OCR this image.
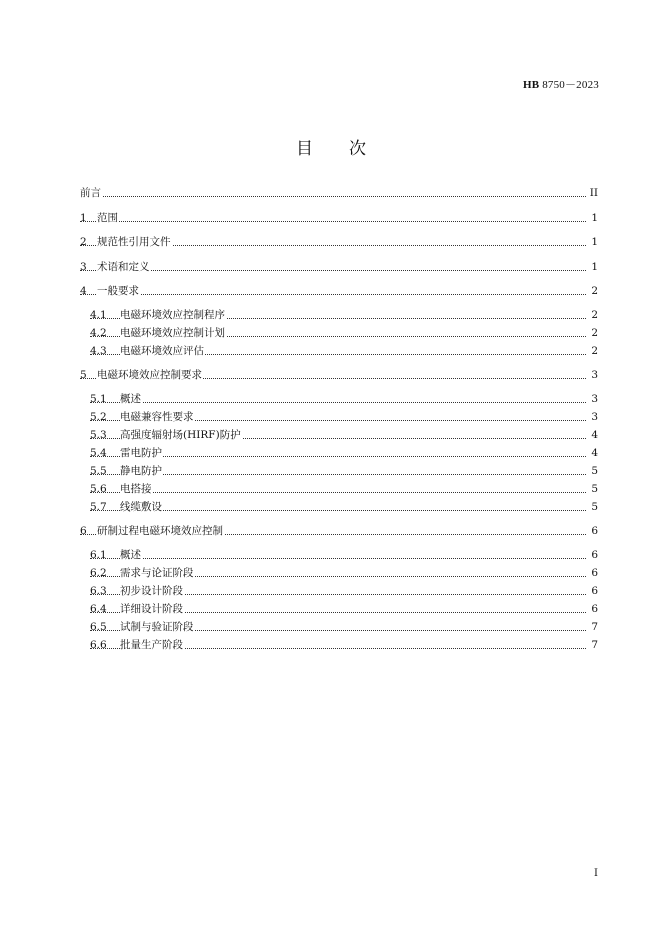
HB 8750－2023
目 次
前言	II
1 范围	1
2 规范性引用文件	1
3 术语和定义	1
4 一般要求	2
4.1 电磁环境效应控制程序	2
4.2 电磁环境效应控制计划	2
4.3 电磁环境效应评估	2
5 电磁环境效应控制要求	3
5.1 概述	3
5.2 电磁兼容性要求	3
5.3 高强度辐射场(HIRF)防护	4
5.4 雷电防护	4
5.5 静电防护	5
5.6 电搭接	5
5.7 线缆敷设	5
6 研制过程电磁环境效应控制	6
6.1 概述	6
6.2 需求与论证阶段	6
6.3 初步设计阶段	6
6.4 详细设计阶段	6
6.5 试制与验证阶段	7
6.6 批量生产阶段	7
I
